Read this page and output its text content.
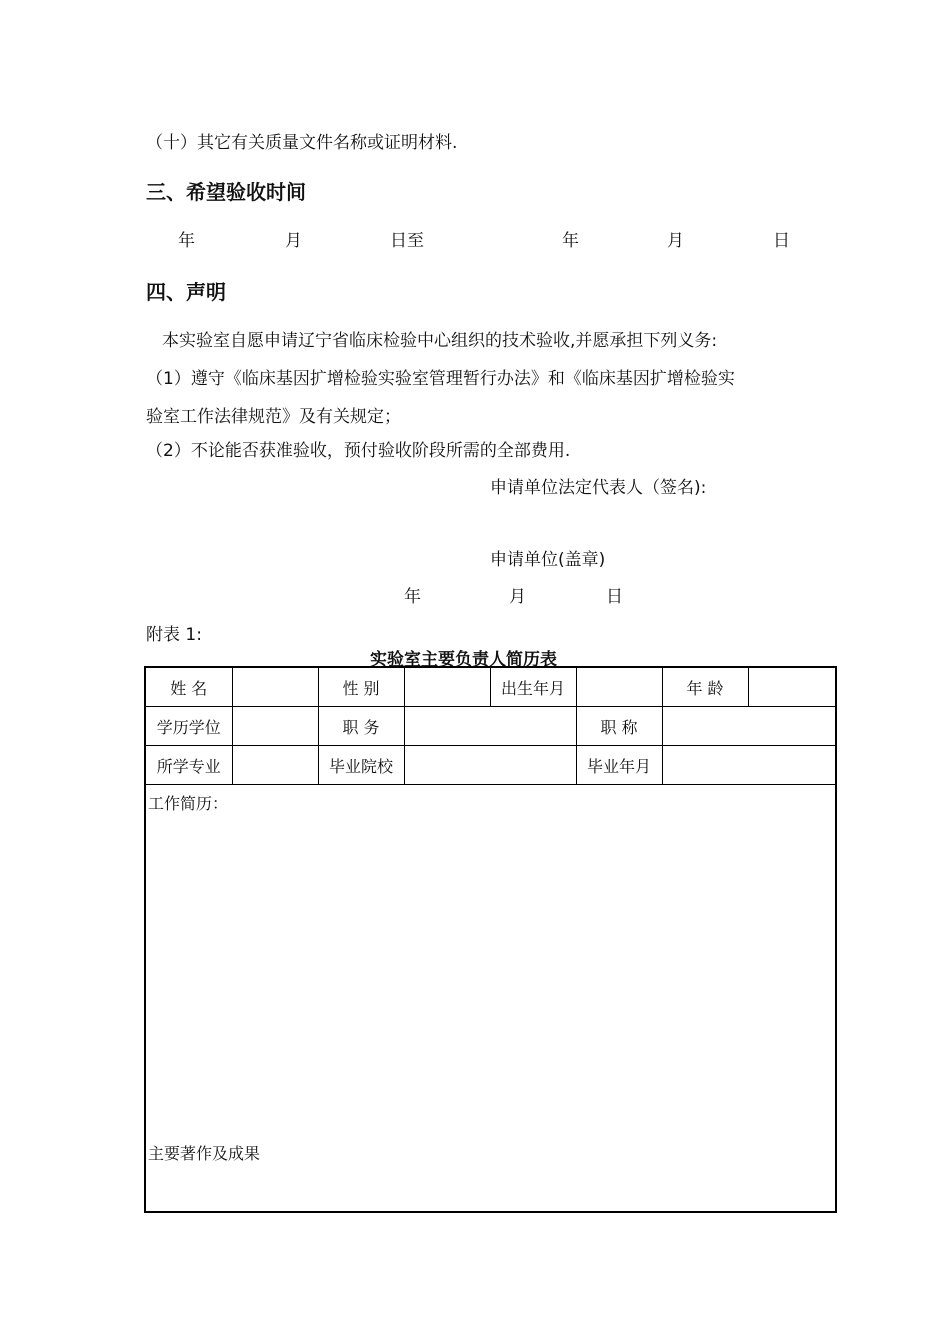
（十）其它有关质量文件名称或证明材料.
三、希望验收时间
年	月	日至	年	月	日
四、声明
本实验室自愿申请辽宁省临床检验中心组织的技术验收,并愿承担下列义务:
（1）遵守《临床基因扩增检验实验室管理暂行办法》和《临床基因扩增检验实
验室工作法律规范》及有关规定；
（2）不论能否获准验收，预付验收阶段所需的全部费用.
申请单位法定代表人（签名):
申请单位(盖章)
年	月	日
附表 1:
实验室主要负责人简历表
姓 名		性 别		出生年月		年 龄	
学历学位		职 务			职 称		
所学专业		毕业院校			毕业年月		

工作简历：
主要著作及成果							
